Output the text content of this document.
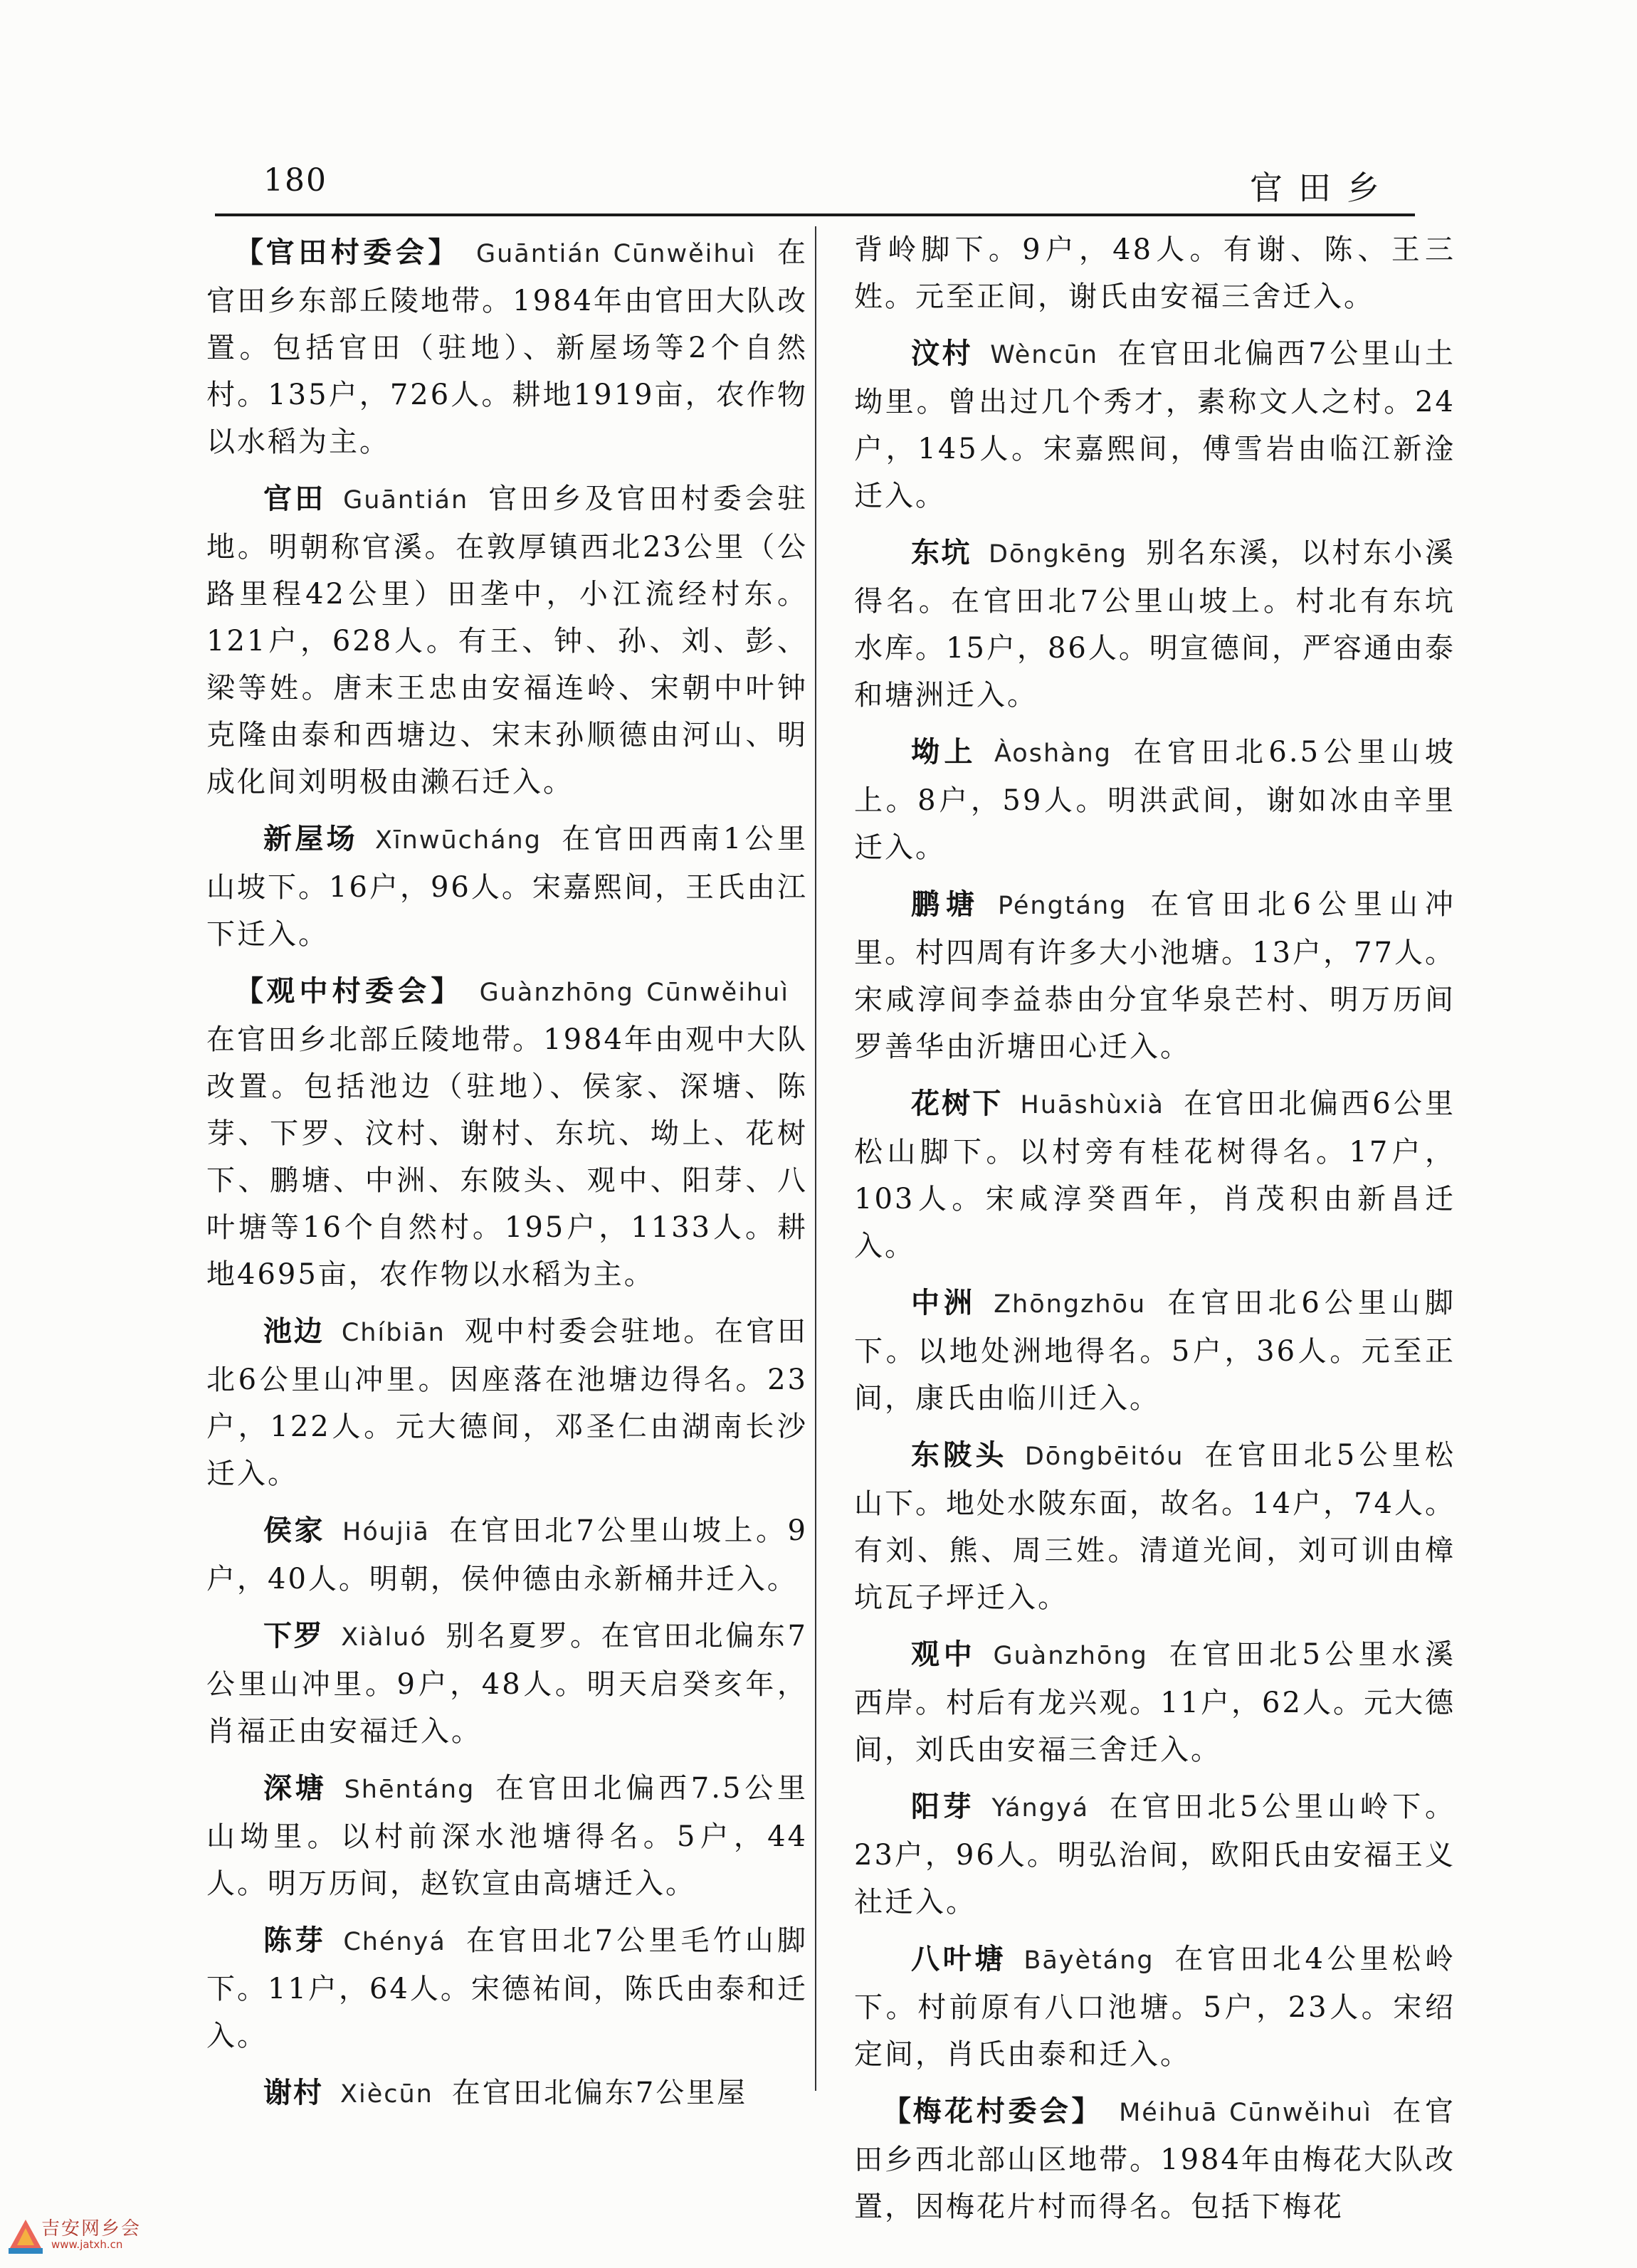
180	官田乡

【官田村委会】 Guāntián Cūnwěihuì 在官田乡东部丘陵地带。1984年由官田大队改置。包括官田（驻地）、新屋场等2个自然村。135户，726人。耕地1919亩，农作物以水稻为主。

官田 Guāntián 官田乡及官田村委会驻地。明朝称官溪。在敦厚镇西北23公里（公路里程42公里）田垄中，小江流经村东。121户，628人。有王、钟、孙、刘、彭、梁等姓。唐末王忠由安福连岭、宋朝中叶钟克隆由泰和西塘边、宋末孙顺德由河山、明成化间刘明极由濑石迁入。

新屋场 Xīnwūcháng 在官田西南1公里山坡下。16户，96人。宋嘉熙间，王氏由江下迁入。

【观中村委会】 Guànzhōng Cūnwěihuì在官田乡北部丘陵地带。1984年由观中大队改置。包括池边（驻地）、侯家、深塘、陈芽、下罗、汶村、谢村、东坑、坳上、花树下、鹏塘、中洲、东陂头、观中、阳芽、八叶塘等16个自然村。195户，1133人。耕地4695亩，农作物以水稻为主。

池边 Chíbiān 观中村委会驻地。在官田北6公里山冲里。因座落在池塘边得名。23户，122人。元大德间，邓圣仁由湖南长沙迁入。

侯家 Hóujiā 在官田北7公里山坡上。9户，40人。明朝，侯仲德由永新桶井迁入。

下罗 Xiàluó 别名夏罗。在官田北偏东7公里山冲里。9户，48人。明天启癸亥年，肖福正由安福迁入。

深塘 Shēntáng 在官田北偏西7.5公里山坳里。以村前深水池塘得名。5户，44人。明万历间，赵钦宣由高塘迁入。

陈芽 Chényá 在官田北7公里毛竹山脚下。11户，64人。宋德祐间，陈氏由泰和迁入。

谢村 Xiècūn 在官田北偏东7公里屋

背岭脚下。9户，48人。有谢、陈、王三姓。元至正间，谢氏由安福三舍迁入。

汶村 Wèncūn 在官田北偏西7公里山土坳里。曾出过几个秀才，素称文人之村。24户，145人。宋嘉熙间，傅雪岩由临江新淦迁入。

东坑 Dōngkēng 别名东溪，以村东小溪得名。在官田北7公里山坡上。村北有东坑水库。15户，86人。明宣德间，严容通由泰和塘洲迁入。

坳上 Àoshàng 在官田北6.5公里山坡上。8户，59人。明洪武间，谢如冰由辛里迁入。

鹏塘 Péngtáng 在官田北6公里山冲里。村四周有许多大小池塘。13户，77人。宋咸淳间李益恭由分宜华泉芒村、明万历间罗善华由沂塘田心迁入。

花树下 Huāshùxià 在官田北偏西6公里松山脚下。以村旁有桂花树得名。17户，103人。宋咸淳癸酉年，肖茂积由新昌迁入。

中洲 Zhōngzhōu 在官田北6公里山脚下。以地处洲地得名。5户，36人。元至正间，康氏由临川迁入。

东陂头 Dōngbēitóu 在官田北5公里松山下。地处水陂东面，故名。14户，74人。有刘、熊、周三姓。清道光间，刘可训由樟坑瓦子坪迁入。

观中 Guànzhōng 在官田北5公里水溪西岸。村后有龙兴观。11户，62人。元大德间，刘氏由安福三舍迁入。

阳芽 Yángyá 在官田北5公里山岭下。23户，96人。明弘治间，欧阳氏由安福王义社迁入。

八叶塘 Bāyètáng 在官田北4公里松岭下。村前原有八口池塘。5户，23人。宋绍定间，肖氏由泰和迁入。

【梅花村委会】 Méihuā Cūnwěihuì 在官田乡西北部山区地带。1984年由梅花大队改置，因梅花片村而得名。包括下梅花

吉安网乡会
www.jatxh.cn
